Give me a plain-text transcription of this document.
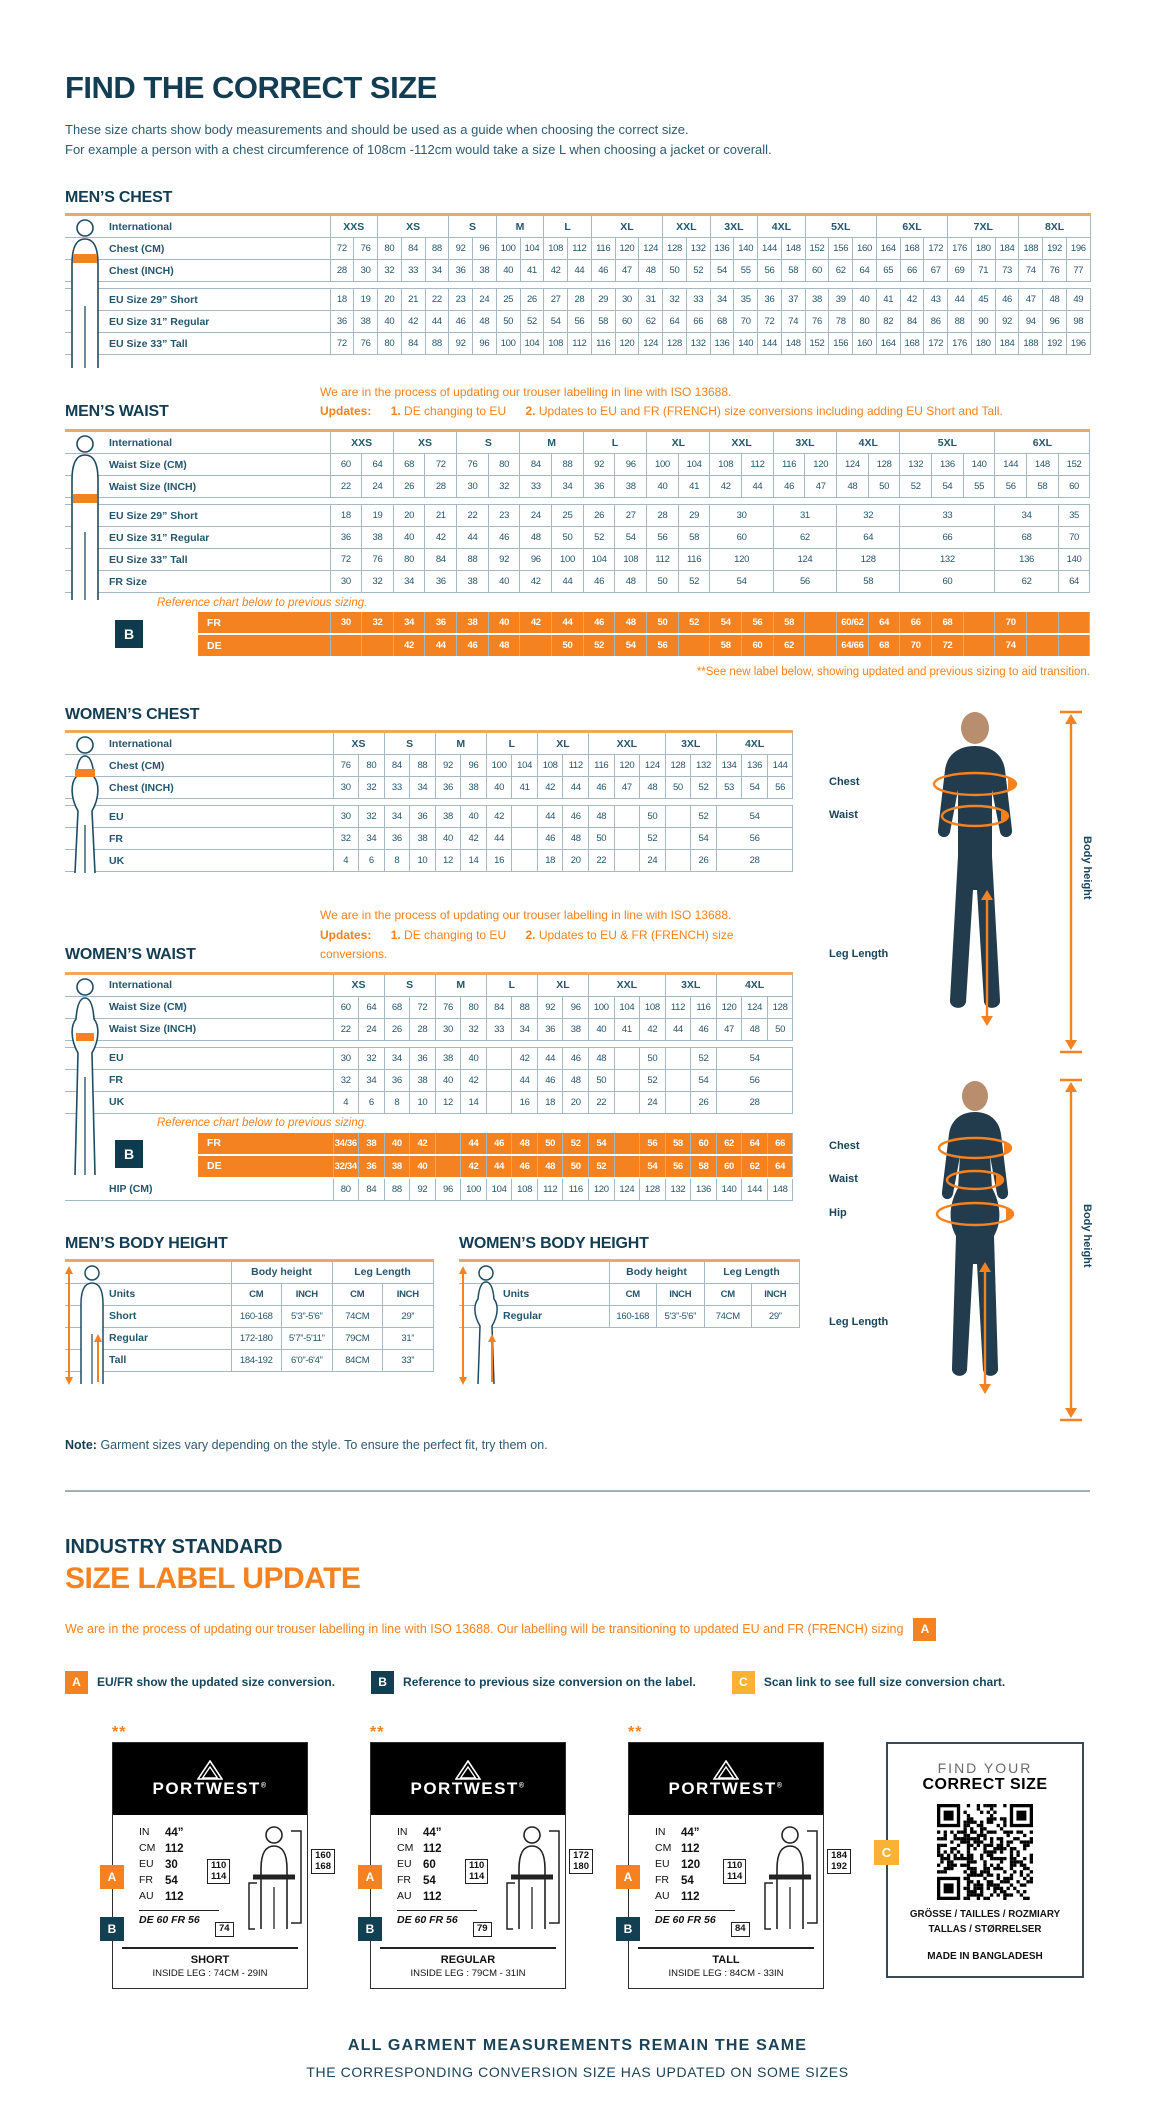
FIND THE CORRECT SIZE

These size charts show body measurements and should be used as a guide when choosing the correct size.
For example a person with a chest circumference of 108cm -112cm would take a size L when choosing a jacket or coverall.

MEN’S CHEST
International	XXS		XS			S		M		L		XL			XXL		3XL		4XL		5XL			6XL			7XL			8XL		
Chest (CM)	72	76	80	84	88	92	96	100	104	108	112	116	120	124	128	132	136	140	144	148	152	156	160	164	168	172	176	180	184	188	192	196
Chest (INCH)	28	30	32	33	34	36	38	40	41	42	44	46	47	48	50	52	54	55	56	58	60	62	64	65	66	67	69	71	73	74	76	77

EU Size 29” Short	18	19	20	21	22	23	24	25	26	27	28	29	30	31	32	33	34	35	36	37	38	39	40	41	42	43	44	45	46	47	48	49
EU Size 31” Regular	36	38	40	42	44	46	48	50	52	54	56	58	60	62	64	66	68	70	72	74	76	78	80	82	84	86	88	90	92	94	96	98
EU Size 33” Tall	72	76	80	84	88	92	96	100	104	108	112	116	120	124	128	132	136	140	144	148	152	156	160	164	168	172	176	180	184	188	192	196
MEN’S WAIST

We are in the process of updating our trouser labelling in line with ISO 13688.

Updates: 1. DE changing to EU 2. Updates to EU and FR (FRENCH) size conversions including adding EU Short and Tall.

International	XXS		XS		S		M		L		XL		XXL		3XL		4XL		5XL			6XL		
Waist Size (CM)	60	64	68	72	76	80	84	88	92	96	100	104	108	112	116	120	124	128	132	136	140	144	148	152
Waist Size (INCH)	22	24	26	28	30	32	33	34	36	38	40	41	42	44	46	47	48	50	52	54	55	56	58	60

EU Size 29” Short	18	19	20	21	22	23	24	25	26	27	28	29	30		31		32		33			34		35
EU Size 31” Regular	36	38	40	42	44	46	48	50	52	54	56	58	60		62		64		66			68		70
EU Size 33” Tall	72	76	80	84	88	92	96	100	104	108	112	116	120		124		128		132			136		140
FR Size	30	32	34	36	38	40	42	44	46	48	50	52	54		56		58		60			62		64
Reference chart below to previous sizing.																								
FR	30	32	34	36	38	40	42	44	46	48	50	52	54	56	58		60/62	64	66	68		70		
DE			42	44	46	48		50	52	54	56		58	60	62		64/66	68	70	72		74		
B

**See new label below, showing updated and previous sizing to aid transition.

WOMEN’S CHEST
International	XS		S		M		L		XL		XXL			3XL		4XL		
Chest (CM)	76	80	84	88	92	96	100	104	108	112	116	120	124	128	132	134	136	144
Chest (INCH)	30	32	33	34	36	38	40	41	42	44	46	47	48	50	52	53	54	56

EU	30	32	34	36	38	40	42		44	46	48		50		52	54		
FR	32	34	36	38	40	42	44		46	48	50		52		54	56		
UK	4	6	8	10	12	14	16		18	20	22		24		26	28		
WOMEN’S WAIST

We are in the process of updating our trouser labelling in line with ISO 13688.

Updates: 1. DE changing to EU 2. Updates to EU & FR (FRENCH) size conversions.

International	XS		S		M		L		XL		XXL			3XL		4XL		
Waist Size (CM)	60	64	68	72	76	80	84	88	92	96	100	104	108	112	116	120	124	128
Waist Size (INCH)	22	24	26	28	30	32	33	34	36	38	40	41	42	44	46	47	48	50

EU	30	32	34	36	38	40		42	44	46	48		50		52	54		
FR	32	34	36	38	40	42		44	46	48	50		52		54	56		
UK	4	6	8	10	12	14		16	18	20	22		24		26	28		
Reference chart below to previous sizing.																		
FR	34/36	38	40	42		44	46	48	50	52	54		56	58	60	62	64	66
DE	32/34	36	38	40		42	44	46	48	50	52		54	56	58	60	62	64
HIP (CM)	80	84	88	92	96	100	104	108	112	116	120	124	128	132	136	140	144	148
B
MEN’S BODY HEIGHT
	Body height		Leg Length	
Units	CM	INCH	CM	INCH
Short	160-168	5'3”-5'6”	74CM	29”
Regular	172-180	5'7”-5'11”	79CM	31”
Tall	184-192	6'0”-6'4”	84CM	33”
WOMEN’S BODY HEIGHT
	Body height		Leg Length	
Units	CM	INCH	CM	INCH
Regular	160-168	5'3”-5'6”	74CM	29”

Note: Garment sizes vary depending on the style. To ensure the perfect fit, try them on.

Chest
Waist
Leg Length
Body height
Chest
Waist
Hip
Leg Length
Body height
INDUSTRY STANDARD
SIZE LABEL UPDATE

We are in the process of updating our trouser labelling in line with ISO 13688. Our labelling will be transitioning to updated EU and FR (FRENCH) sizing A

A	EU/FR show the updated size conversion.	B	Reference to previous size conversion on the label.	C	Scan link to see full size conversion chart.
**
A
B
PORTWEST®
IN	44”
CM 112
EU 30
FR	54
AU 112
DE 60 FR 56
110
114
160
168
74
SHORT
INSIDE LEG : 74CM - 29IN
**
A
B
PORTWEST®
IN	44”
CM 112
EU 60
FR	54
AU 112
DE 60 FR 56
110
114
172
180
79
REGULAR
INSIDE LEG : 79CM - 31IN
**
A
B
PORTWEST®
IN	44”
CM 112
EU 120
FR	54
AU 112
DE 60 FR 56
110
114
184
192
84
TALL
INSIDE LEG : 84CM - 33IN
C
FIND YOUR
CORRECT SIZE
GRÖSSE / TAILLES / ROZMIARY
TALLAS / STØRRELSER
MADE IN BANGLADESH
ALL GARMENT MEASUREMENTS REMAIN THE SAME
THE CORRESPONDING CONVERSION SIZE HAS UPDATED ON SOME SIZES
